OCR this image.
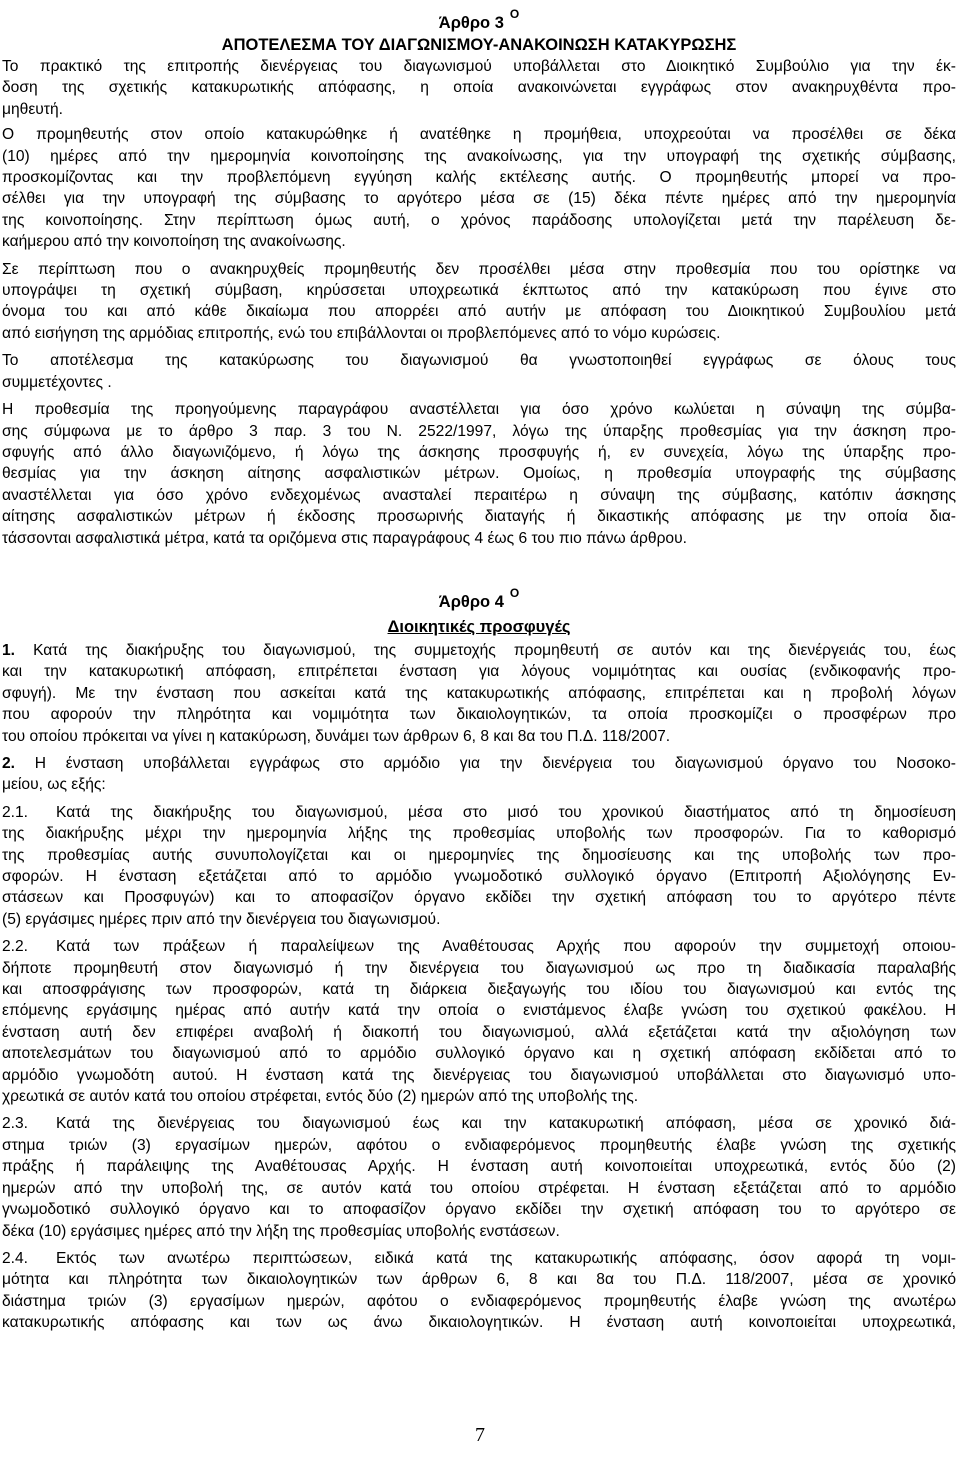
Άρθρο 3 $^O$
ΑΠΟΤΕΛΕΣΜΑ ΤΟΥ ΔΙΑΓΩΝΙΣΜΟΥ-ΑΝΑΚΟΙΝΩΣΗ ΚΑΤΑΚΥΡΩΣΗΣ
Το πρακτικό της επιτροπής διενέργειας του διαγωνισμού υποβάλλεται στο Διοικητικό Συμβούλιο για την έκ-
δοση της σχετικής κατακυρωτικής απόφασης, η οποία ανακοινώνεται εγγράφως στον ανακηρυχθέντα προ-
μηθευτή.
Ο προμηθευτής στον οποίο κατακυρώθηκε ή ανατέθηκε η προμήθεια, υποχρεούται να προσέλθει σε δέκα
(10) ημέρες από την ημερομηνία κοινοποίησης της ανακοίνωσης, για την υπογραφή της σχετικής σύμβασης,
προσκομίζοντας και την προβλεπόμενη εγγύηση καλής εκτέλεσης αυτής. Ο προμηθευτής μπορεί να προ-
σέλθει για την υπογραφή της σύμβασης το αργότερο μέσα σε (15) δέκα πέντε ημέρες από την ημερομηνία
της κοινοποίησης. Στην περίπτωση όμως αυτή, ο χρόνος παράδοσης υπολογίζεται μετά την παρέλευση δε-
καήμερου από την κοινοποίηση της ανακοίνωσης.
Σε περίπτωση που ο ανακηρυχθείς προμηθευτής δεν προσέλθει μέσα στην προθεσμία που του ορίστηκε να
υπογράψει τη σχετική σύμβαση, κηρύσσεται υποχρεωτικά έκπτωτος από την κατακύρωση που έγινε στο
όνομα του και από κάθε δικαίωμα που απορρέει από αυτήν με απόφαση του Διοικητικού Συμβουλίου μετά
από εισήγηση της αρμόδιας επιτροπής, ενώ του επιβάλλονται οι προβλεπόμενες από το νόμο κυρώσεις.
Το αποτέλεσμα της κατακύρωσης του διαγωνισμού θα γνωστοποιηθεί εγγράφως σε όλους τους
συμμετέχοντες .
Η προθεσμία της προηγούμενης παραγράφου αναστέλλεται για όσο χρόνο κωλύεται η σύναψη της σύμβα-
σης σύμφωνα με το άρθρο 3 παρ. 3 του Ν. 2522/1997, λόγω της ύπαρξης προθεσμίας για την άσκηση προ-
σφυγής από άλλο διαγωνιζόμενο, ή λόγω της άσκησης προσφυγής ή, εν συνεχεία, λόγω της ύπαρξης προ-
θεσμίας για την άσκηση αίτησης ασφαλιστικών μέτρων. Ομοίως, η προθεσμία υπογραφής της σύμβασης
αναστέλλεται για όσο χρόνο ενδεχομένως ανασταλεί περαιτέρω η σύναψη της σύμβασης, κατόπιν άσκησης
αίτησης ασφαλιστικών μέτρων ή έκδοσης προσωρινής διαταγής ή δικαστικής απόφασης με την οποία δια-
τάσσονται ασφαλιστικά μέτρα, κατά τα οριζόμενα στις παραγράφους 4 έως 6 του πιο πάνω άρθρου.
Άρθρο 4 $^O$
Διοικητικές προσφυγές
1. Κατά της διακήρυξης του διαγωνισμού, της συμμετοχής προμηθευτή σε αυτόν και της διενέργειάς του, έως
και την κατακυρωτική απόφαση, επιτρέπεται ένσταση για λόγους νομιμότητας και ουσίας (ενδικοφανής προ-
σφυγή). Με την ένσταση που ασκείται κατά της κατακυρωτικής απόφασης, επιτρέπεται και η προβολή λόγων
που αφορούν την πληρότητα και νομιμότητα των δικαιολογητικών, τα οποία προσκομίζει ο προσφέρων προ
του οποίου πρόκειται να γίνει η κατακύρωση, δυνάμει των άρθρων 6, 8 και 8α του Π.Δ. 118/2007.
2. Η ένσταση υποβάλλεται εγγράφως στο αρμόδιο για την διενέργεια του διαγωνισμού όργανο του Νοσοκο-
μείου, ως εξής:
2.1. Κατά της διακήρυξης του διαγωνισμού, μέσα στο μισό του χρονικού διαστήματος από τη δημοσίευση
της διακήρυξης μέχρι την ημερομηνία λήξης της προθεσμίας υποβολής των προσφορών. Για το καθορισμό
της προθεσμίας αυτής συνυπολογίζεται και οι ημερομηνίες της δημοσίευσης και της υποβολής των προ-
σφορών. Η ένσταση εξετάζεται από το αρμόδιο γνωμοδοτικό συλλογικό όργανο (Επιτροπή Αξιολόγησης Εν-
στάσεων και Προσφυγών) και το αποφασίζον όργανο εκδίδει την σχετική απόφαση του το αργότερο πέντε
(5) εργάσιμες ημέρες πριν από την διενέργεια του διαγωνισμού.
2.2. Κατά των πράξεων ή παραλείψεων της Αναθέτουσας Αρχής που αφορούν την συμμετοχή οποιου-
δήποτε προμηθευτή στον διαγωνισμό ή την διενέργεια του διαγωνισμού ως προ τη διαδικασία παραλαβής
και αποσφράγισης των προσφορών, κατά τη διάρκεια διεξαγωγής του ιδίου του διαγωνισμού και εντός της
επόμενης εργάσιμης ημέρας από αυτήν κατά την οποία ο ενιστάμενος έλαβε γνώση του σχετικού φακέλου. Η
ένσταση αυτή δεν επιφέρει αναβολή ή διακοπή του διαγωνισμού, αλλά εξετάζεται κατά την αξιολόγηση των
αποτελεσμάτων του διαγωνισμού από το αρμόδιο συλλογικό όργανο και η σχετική απόφαση εκδίδεται από το
αρμόδιο γνωμοδότη αυτού. Η ένσταση κατά της διενέργειας του διαγωνισμού υποβάλλεται στο διαγωνισμό υπο-
χρεωτικά σε αυτόν κατά του οποίου στρέφεται, εντός δύο (2) ημερών από της υποβολής της.
2.3. Κατά της διενέργειας του διαγωνισμού έως και την κατακυρωτική απόφαση, μέσα σε χρονικό διά-
στημα τριών (3) εργασίμων ημερών, αφότου ο ενδιαφερόμενος προμηθευτής έλαβε γνώση της σχετικής
πράξης ή παράλειψης της Αναθέτουσας Αρχής. Η ένσταση αυτή κοινοποιείται υποχρεωτικά, εντός δύο (2)
ημερών από την υποβολή της, σε αυτόν κατά του οποίου στρέφεται. Η ένσταση εξετάζεται από το αρμόδιο
γνωμοδοτικό συλλογικό όργανο και το αποφασίζον όργανο εκδίδει την σχετική απόφαση του το αργότερο σε
δέκα (10) εργάσιμες ημέρες από την λήξη της προθεσμίας υποβολής ενστάσεων.
2.4. Εκτός των ανωτέρω περιπτώσεων, ειδικά κατά της κατακυρωτικής απόφασης, όσον αφορά τη νομι-
μότητα και πληρότητα των δικαιολογητικών των άρθρων 6, 8 και 8α του Π.Δ. 118/2007, μέσα σε χρονικό
διάστημα τριών (3) εργασίμων ημερών, αφότου ο ενδιαφερόμενος προμηθευτής έλαβε γνώση της ανωτέρω
κατακυρωτικής απόφασης και των ως άνω δικαιολογητικών. Η ένσταση αυτή κοινοποιείται υποχρεωτικά,
7
